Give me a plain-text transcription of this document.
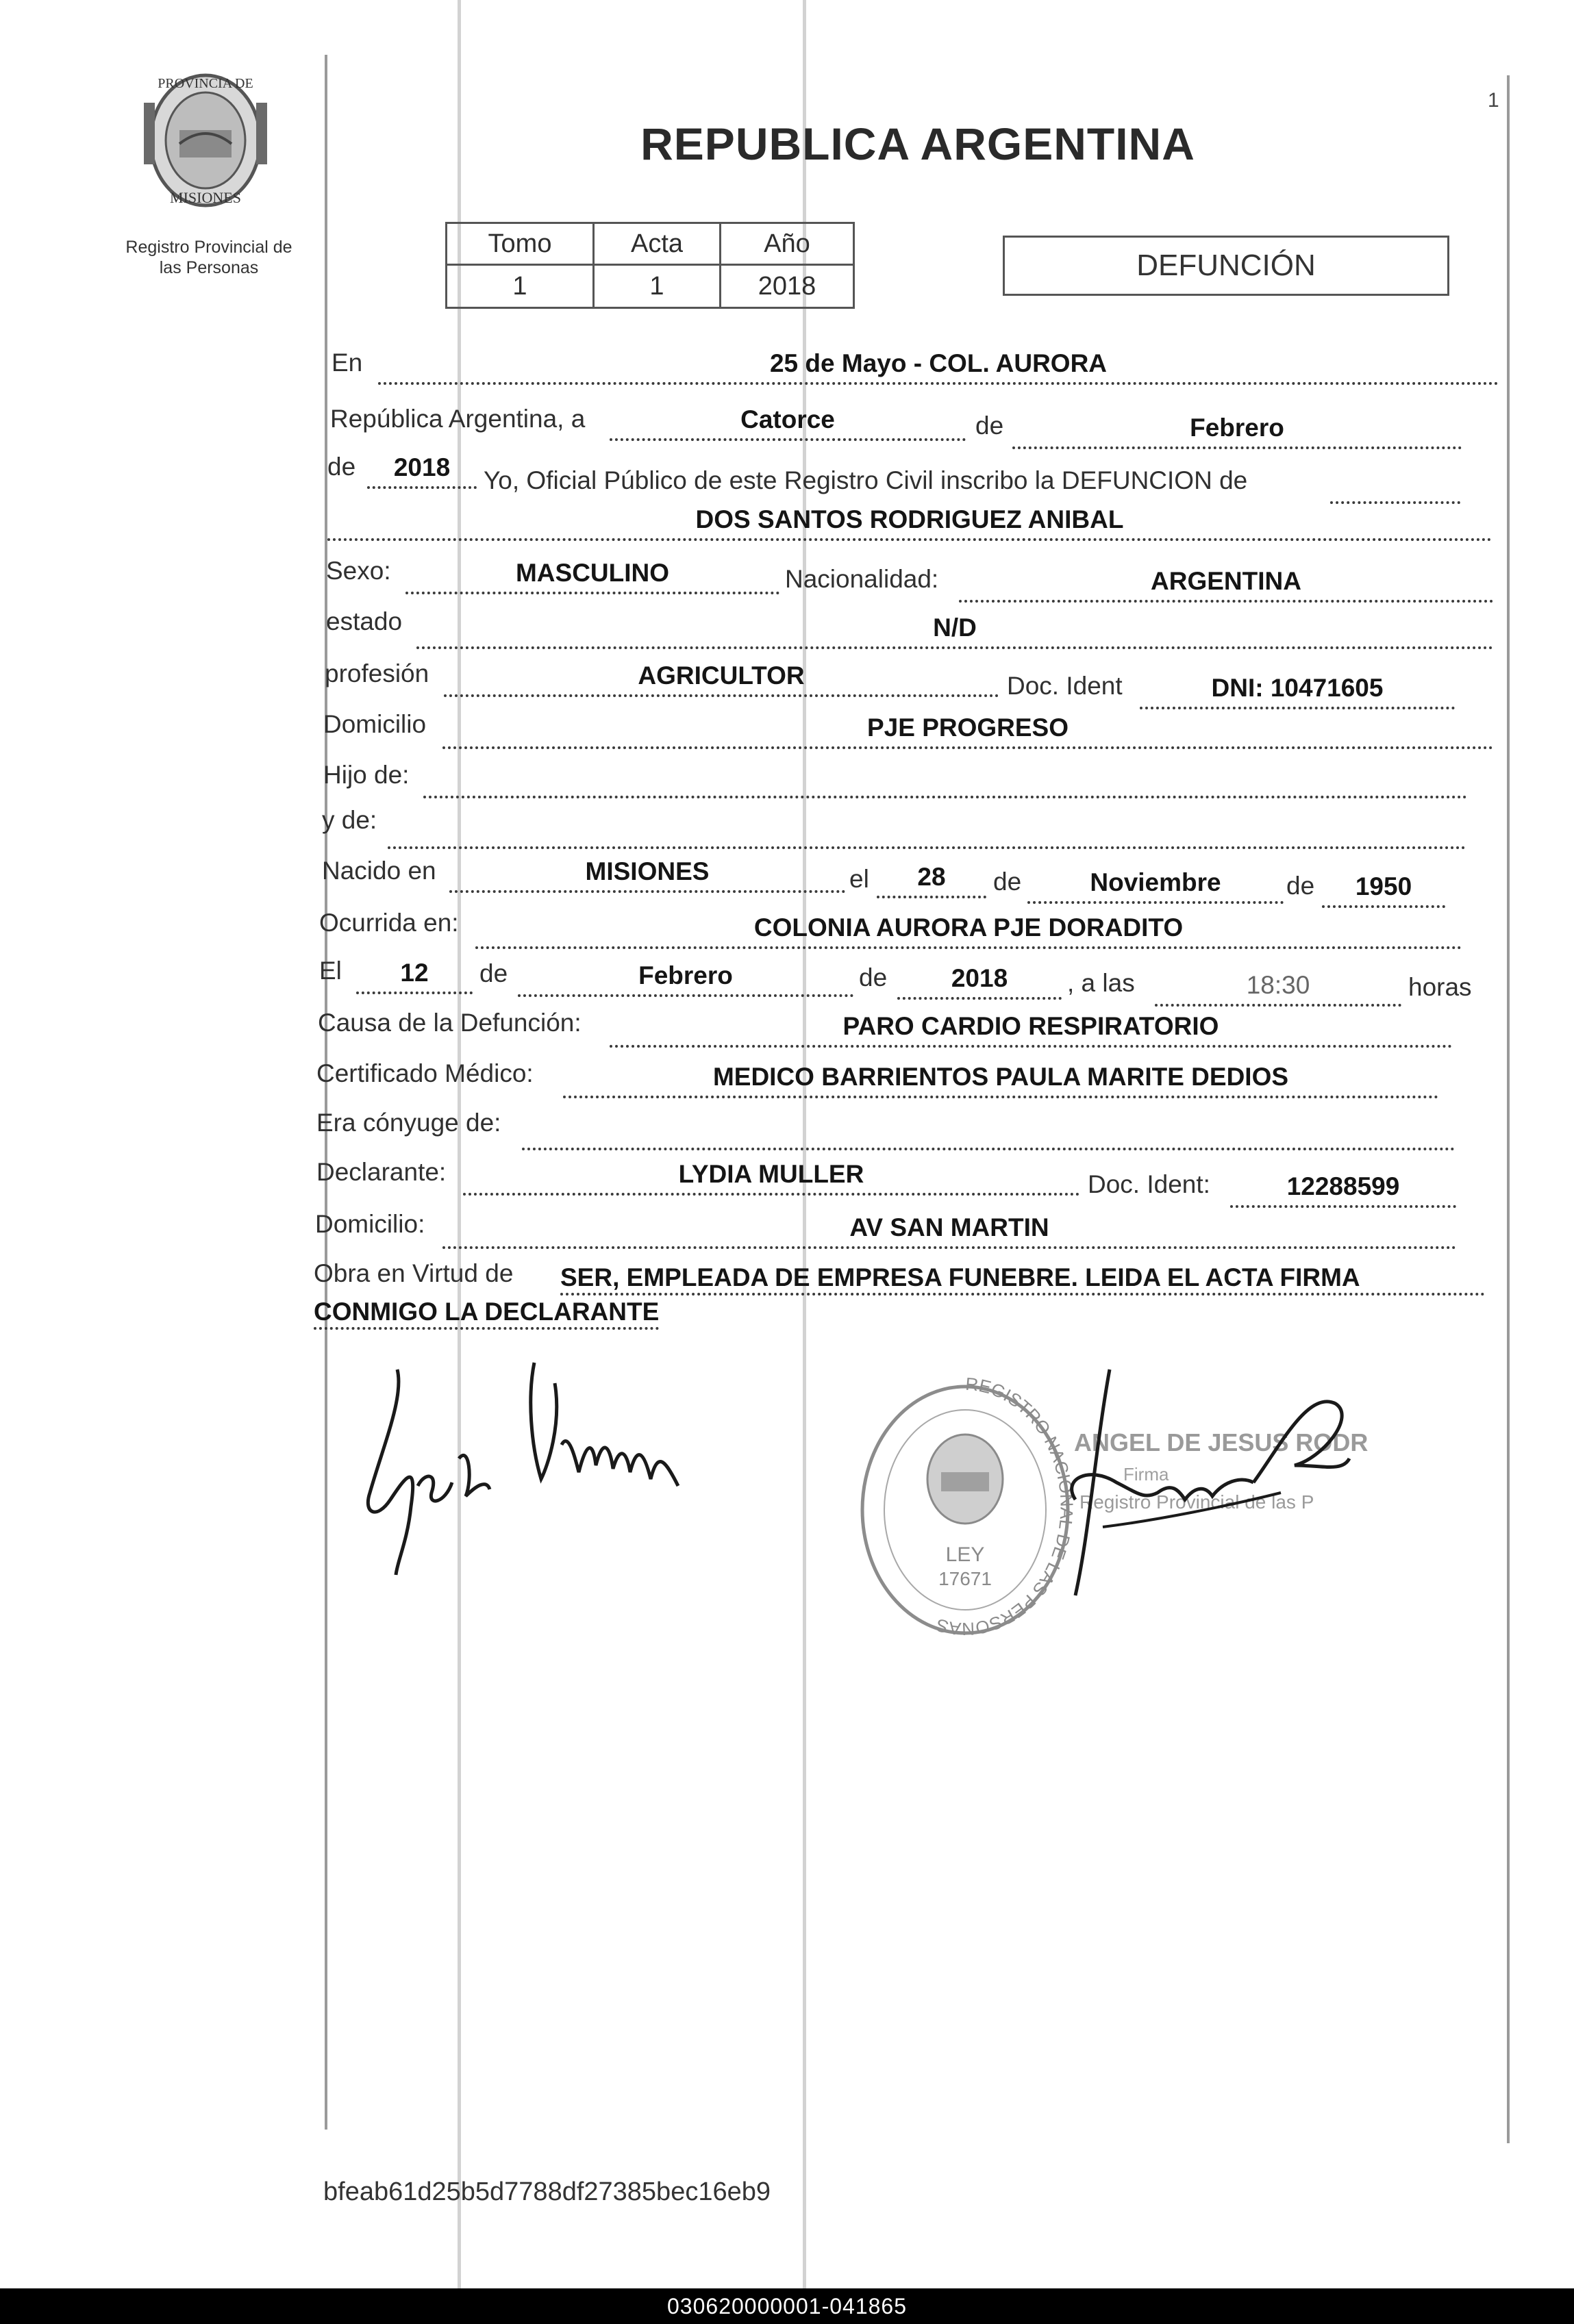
PROVINCIA DE
MISIONES
Registro Provincial de
las Personas
1
REPUBLICA ARGENTINA
Tomo	Acta	Año
1	1	2018
DEFUNCIÓN
En	25 de Mayo - COL. AURORA
República Argentina, a	Catorce	de	Febrero
de	2018	Yo, Oficial Público de este Registro Civil inscribo la DEFUNCION de
DOS SANTOS RODRIGUEZ ANIBAL
Sexo:	MASCULINO	Nacionalidad:	ARGENTINA
estado	N/D
profesión	AGRICULTOR	Doc. Ident	DNI: 10471605
Domicilio	PJE PROGRESO
Hijo de:
y de:
Nacido en	MISIONES	el	28	de	Noviembre	de	1950
Ocurrida en:	COLONIA AURORA PJE DORADITO
El	12	de	Febrero	de	2018	, a las	18:30	horas
Causa de la Defunción:	PARO CARDIO RESPIRATORIO
Certificado Médico:	MEDICO BARRIENTOS PAULA MARITE DEDIOS
Era cónyuge de:
Declarante:	LYDIA MULLER	Doc. Ident:	12288599
Domicilio:	AV SAN MARTIN
Obra en Virtud de SER, EMPLEADA DE EMPRESA FUNEBRE. LEIDA EL ACTA FIRMA
CONMIGO LA DECLARANTE
REGISTRO NACIONAL DE LAS PERSONAS
LEY
17671
ANGEL DE JESUS RODR
Firma
Registro Provincial de las P
bfeab61d25b5d7788df27385bec16eb9
030620000001-041865
